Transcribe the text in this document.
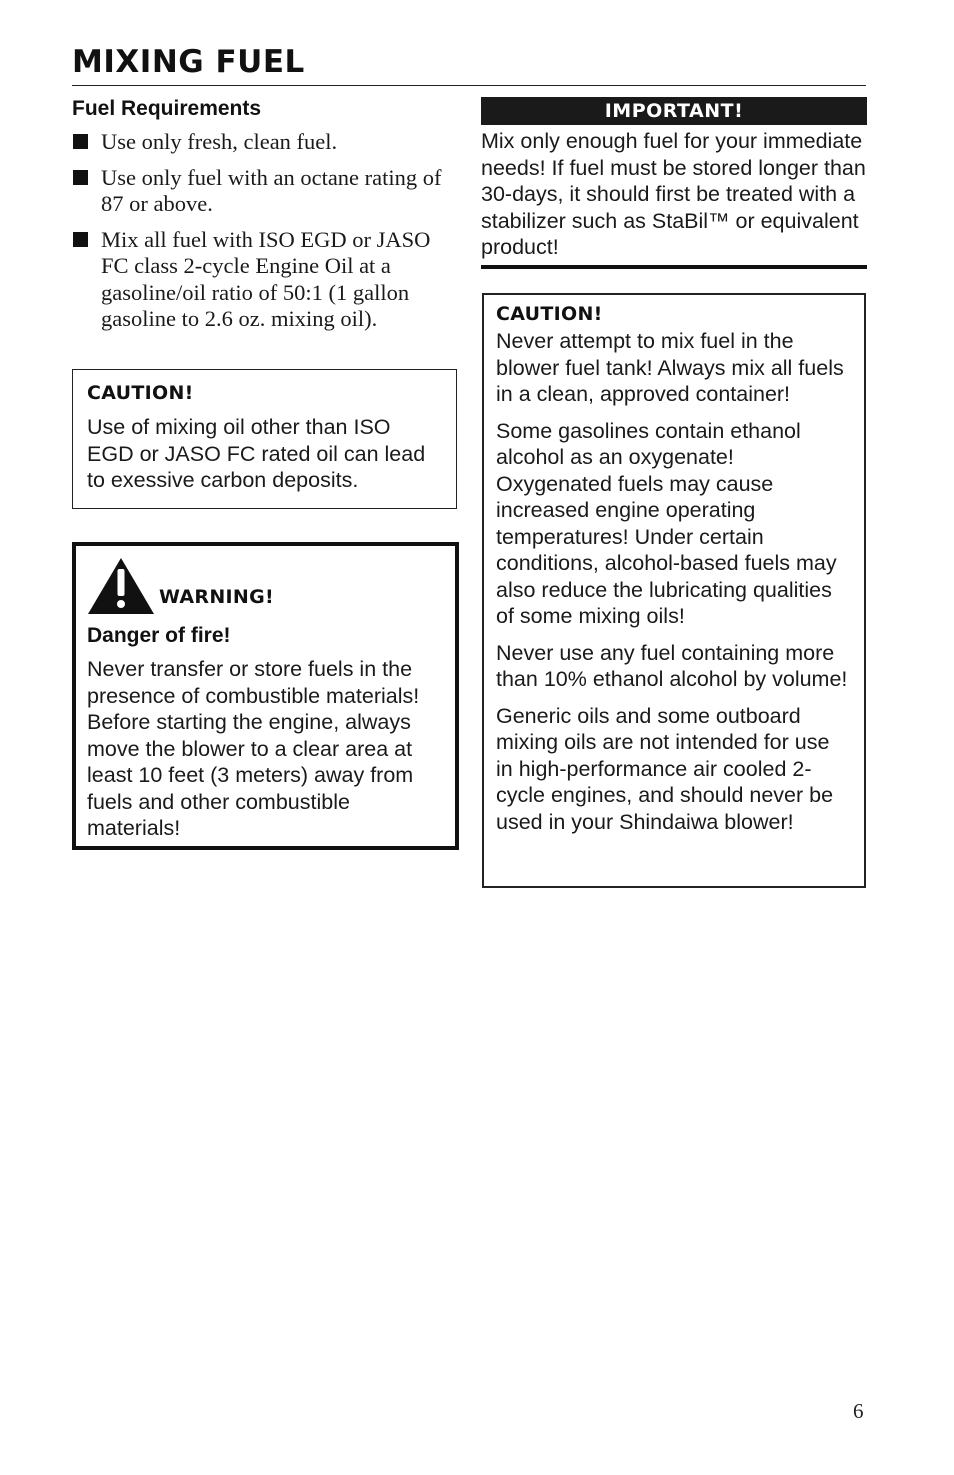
MIXING FUEL
Fuel Requirements
Use only fresh, clean fuel.
Use only fuel with an octane rating of 87 or above.
Mix all fuel with ISO EGD or JASO FC class 2-cycle Engine Oil at a gasoline/oil ratio of 50:1 (1 gallon gasoline to 2.6 oz. mixing oil).
CAUTION!

Use of mixing oil other than ISO EGD or JASO FC rated oil can lead to exessive carbon deposits.

WARNING!
Danger of fire!

Never transfer or store fuels in the presence of combustible materials! Before starting the engine, always move the blower to a clear area at least 10 feet (3 meters) away from fuels and other combustible materials!

IMPORTANT!

Mix only enough fuel for your immediate needs! If fuel must be stored longer than 30-days, it should first be treated with a stabilizer such as StaBil™ or equivalent product!

CAUTION!

Never attempt to mix fuel in the blower fuel tank! Always mix all fuels in a clean, approved container!

Some gasolines contain ethanol alcohol as an oxygenate! Oxygenated fuels may cause increased engine operating temperatures! Under certain conditions, alcohol-based fuels may also reduce the lubricating qualities of some mixing oils!

Never use any fuel containing more than 10% ethanol alcohol by volume!

Generic oils and some outboard mixing oils are not intended for use in high-performance air cooled 2-cycle engines, and should never be used in your Shindaiwa blower!

6
